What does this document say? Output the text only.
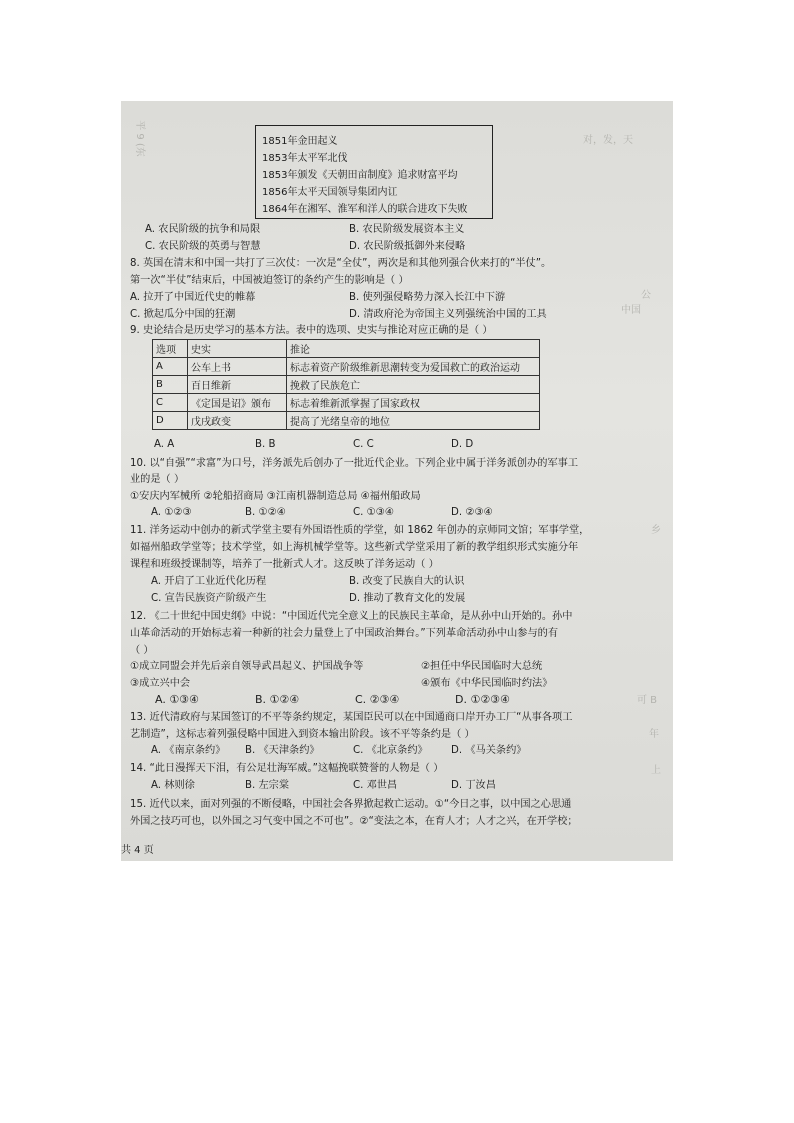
平 9 (东	对，发，天
公
中国
乡
可 B
年
上
1851年金田起义
1853年太平军北伐
1853年颁发《天朝田亩制度》追求财富平均
1856年太平天国领导集团内讧
1864年在湘军、淮军和洋人的联合进攻下失败
A. 农民阶级的抗争和局限	B. 农民阶级发展资本主义
C. 农民阶级的英勇与智慧	D. 农民阶级抵御外来侵略
8. 英国在清末和中国一共打了三次仗：一次是“全仗”，两次是和其他列强合伙来打的“半仗”。
第一次“半仗”结束后，中国被迫签订的条约产生的影响是（ ）
A. 拉开了中国近代史的帷幕	B. 使列强侵略势力深入长江中下游
C. 掀起瓜分中国的狂潮	D. 清政府沦为帝国主义列强统治中国的工具
9. 史论结合是历史学习的基本方法。表中的选项、史实与推论对应正确的是（ ）
选项	史实	推论
A	公车上书	标志着资产阶级维新思潮转变为爱国救亡的政治运动
B	百日维新	挽救了民族危亡
C	《定国是诏》颁布	标志着维新派掌握了国家政权
D	戊戌政变	提高了光绪皇帝的地位
A. A	B. B	C. C	D. D
10. 以“自强”“求富”为口号，洋务派先后创办了一批近代企业。下列企业中属于洋务派创办的军事工
业的是（ ）
①安庆内军械所 ②轮船招商局 ③江南机器制造总局 ④福州船政局
A. ①②③	B. ①②④	C. ①③④	D. ②③④
11. 洋务运动中创办的新式学堂主要有外国语性质的学堂，如 1862 年创办的京师同文馆；军事学堂，
如福州船政学堂等；技术学堂，如上海机械学堂等。这些新式学堂采用了新的教学组织形式实施分年
课程和班级授课制等，培养了一批新式人才。这反映了洋务运动（ ）
A. 开启了工业近代化历程	B. 改变了民族自大的认识
C. 宣告民族资产阶级产生	D. 推动了教育文化的发展
12. 《二十世纪中国史纲》中说：“中国近代完全意义上的民族民主革命，是从孙中山开始的。孙中
山革命活动的开始标志着一种新的社会力量登上了中国政治舞台。”下列革命活动孙中山参与的有
（ ）
①成立同盟会并先后亲自领导武昌起义、护国战争等	②担任中华民国临时大总统
③成立兴中会	④颁布《中华民国临时约法》
A. ①③④	B. ①②④	C. ②③④	D. ①②③④
13. 近代清政府与某国签订的不平等条约规定，某国臣民可以在中国通商口岸开办工厂“从事各项工
艺制造”，这标志着列强侵略中国进入到资本输出阶段。该不平等条约是（ ）
A. 《南京条约》 B. 《天津条约》	C. 《北京条约》 D. 《马关条约》
14. “此日漫挥天下泪，有公足壮海军威。”这幅挽联赞誉的人物是（ ）
A. 林则徐	B. 左宗棠	C. 邓世昌	D. 丁汝昌
15. 近代以来，面对列强的不断侵略，中国社会各界掀起救亡运动。①“今日之事，以中国之心思通
外国之技巧可也，以外国之习气变中国之不可也”。②“变法之本，在育人才；人才之兴，在开学校；
共 4 页
